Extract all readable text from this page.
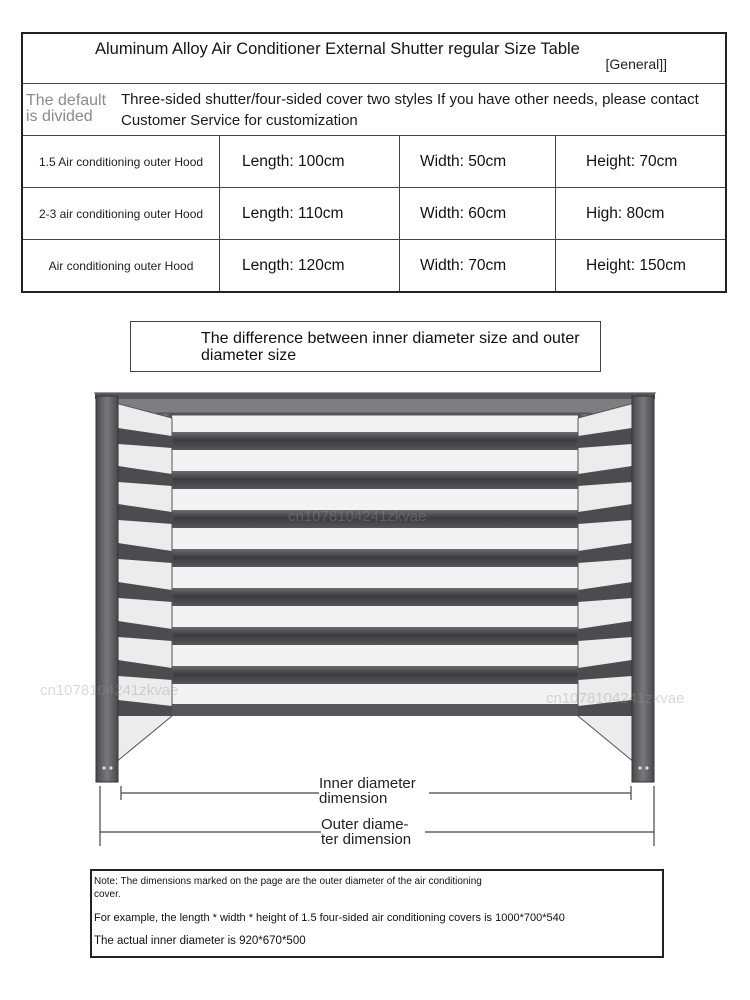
Aluminum Alloy Air Conditioner External Shutter regular Size Table
[General]]
The default is divided
Three-sided shutter/four-sided cover two styles If you have other needs, please contact Customer Service for customization
1.5 Air conditioning outer Hood	Length: 100cm	Width: 50cm	Height: 70cm
2-3 air conditioning outer Hood	Length: 110cm	Width: 60cm	High: 80cm
Air conditioning outer Hood	Length: 120cm	Width: 70cm	Height: 150cm
The difference between inner diameter size and outer diameter size
Inner diameter dimension
Outer diame-ter dimension
cn1078104241zkvae
cn1078104241zkvae	cn1078104241zkvae
Note: The dimensions marked on the page are the outer diameter of the air conditioning cover.
For example, the length * width * height of 1.5 four-sided air conditioning covers is 1000*700*540
The actual inner diameter is 920*670*500
